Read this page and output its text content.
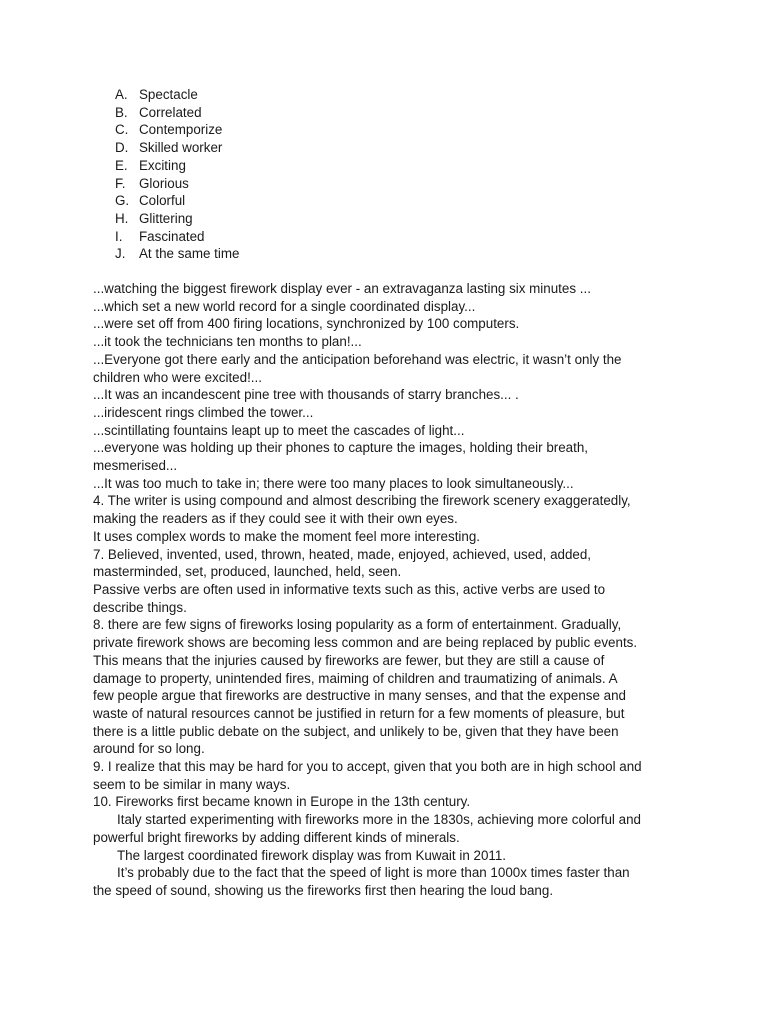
A. Spectacle
B. Correlated
C. Contemporize
D. Skilled worker
E. Exciting
F.	Glorious
G. Colorful
H. Glittering
I.	Fascinated
J.	At the same time
...watching the biggest firework display ever - an extravaganza lasting six minutes ...
...which set a new world record for a single coordinated display...
...were set off from 400 firing locations, synchronized by 100 computers.
...it took the technicians ten months to plan!...
...Everyone got there early and the anticipation beforehand was electric, it wasn’t only the
children who were excited!...
...It was an incandescent pine tree with thousands of starry branches... .
...iridescent rings climbed the tower...
...scintillating fountains leapt up to meet the cascades of light...
...everyone was holding up their phones to capture the images, holding their breath,
mesmerised...
...It was too much to take in; there were too many places to look simultaneously...
4. The writer is using compound and almost describing the firework scenery exaggeratedly,
making the readers as if they could see it with their own eyes.
It uses complex words to make the moment feel more interesting.
7. Believed, invented, used, thrown, heated, made, enjoyed, achieved, used, added,
masterminded, set, produced, launched, held, seen.
Passive verbs are often used in informative texts such as this, active verbs are used to
describe things.
8. there are few signs of fireworks losing popularity as a form of entertainment. Gradually,
private firework shows are becoming less common and are being replaced by public events.
This means that the injuries caused by fireworks are fewer, but they are still a cause of
damage to property, unintended fires, maiming of children and traumatizing of animals. A
few people argue that fireworks are destructive in many senses, and that the expense and
waste of natural resources cannot be justified in return for a few moments of pleasure, but
there is a little public debate on the subject, and unlikely to be, given that they have been
around for so long.
9. I realize that this may be hard for you to accept, given that you both are in high school and
seem to be similar in many ways.
10. Fireworks first became known in Europe in the 13th century.
Italy started experimenting with fireworks more in the 1830s, achieving more colorful and
powerful bright fireworks by adding different kinds of minerals.
The largest coordinated firework display was from Kuwait in 2011.
It’s probably due to the fact that the speed of light is more than 1000x times faster than
the speed of sound, showing us the fireworks first then hearing the loud bang.
